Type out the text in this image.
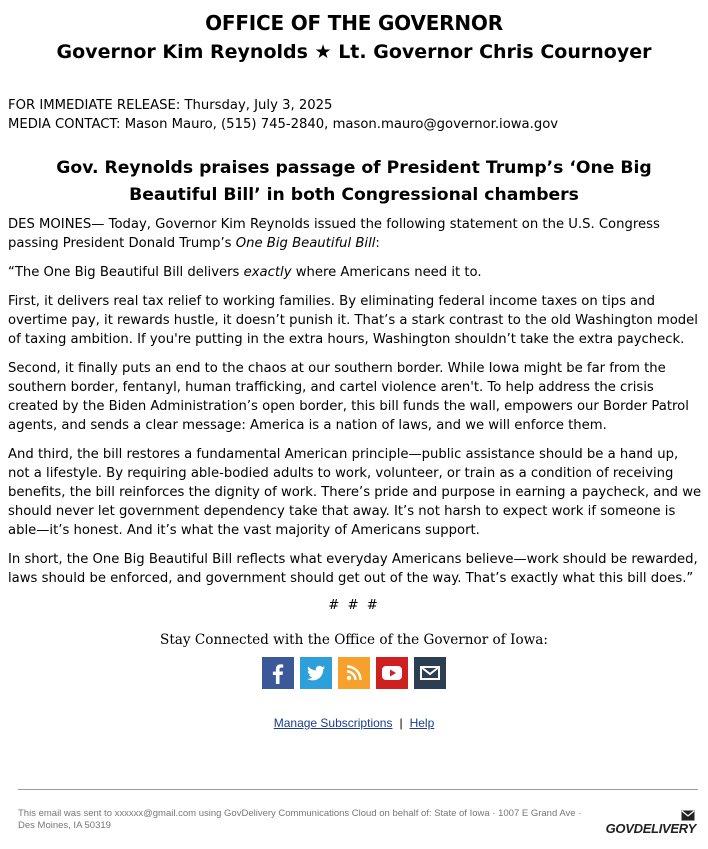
OFFICE OF THE GOVERNOR
Governor Kim Reynolds ★ Lt. Governor Chris Cournoyer
FOR IMMEDIATE RELEASE: Thursday, July 3, 2025
MEDIA CONTACT: Mason Mauro, (515) 745-2840, mason.mauro@governor.iowa.gov
Gov. Reynolds praises passage of President Trump’s ‘One Big Beautiful Bill’ in both Congressional chambers

DES MOINES— Today, Governor Kim Reynolds issued the following statement on the U.S. Congress passing President Donald Trump’s One Big Beautiful Bill:

“The One Big Beautiful Bill delivers exactly where Americans need it to.

First, it delivers real tax relief to working families. By eliminating federal income taxes on tips and overtime pay, it rewards hustle, it doesn’t punish it. That’s a stark contrast to the old Washington model of taxing ambition. If you're putting in the extra hours, Washington shouldn’t take the extra paycheck.

Second, it finally puts an end to the chaos at our southern border. While Iowa might be far from the southern border, fentanyl, human trafficking, and cartel violence aren't. To help address the crisis created by the Biden Administration’s open border, this bill funds the wall, empowers our Border Patrol agents, and sends a clear message: America is a nation of laws, and we will enforce them.

And third, the bill restores a fundamental American principle—public assistance should be a hand up, not a lifestyle. By requiring able-bodied adults to work, volunteer, or train as a condition of receiving benefits, the bill reinforces the dignity of work. There’s pride and purpose in earning a paycheck, and we should never let government dependency take that away. It’s not harsh to expect work if someone is able—it’s honest. And it’s what the vast majority of Americans support.

In short, the One Big Beautiful Bill reflects what everyday Americans believe—work should be rewarded, laws should be enforced, and government should get out of the way. That’s exactly what this bill does.”

# # #
Stay Connected with the Office of the Governor of Iowa:
Manage Subscriptions | Help
This email was sent to xxxxxx@gmail.com using GovDelivery Communications Cloud on behalf of: State of Iowa · 1007 E Grand Ave · Des Moines, IA 50319	GOVDELIVERY
